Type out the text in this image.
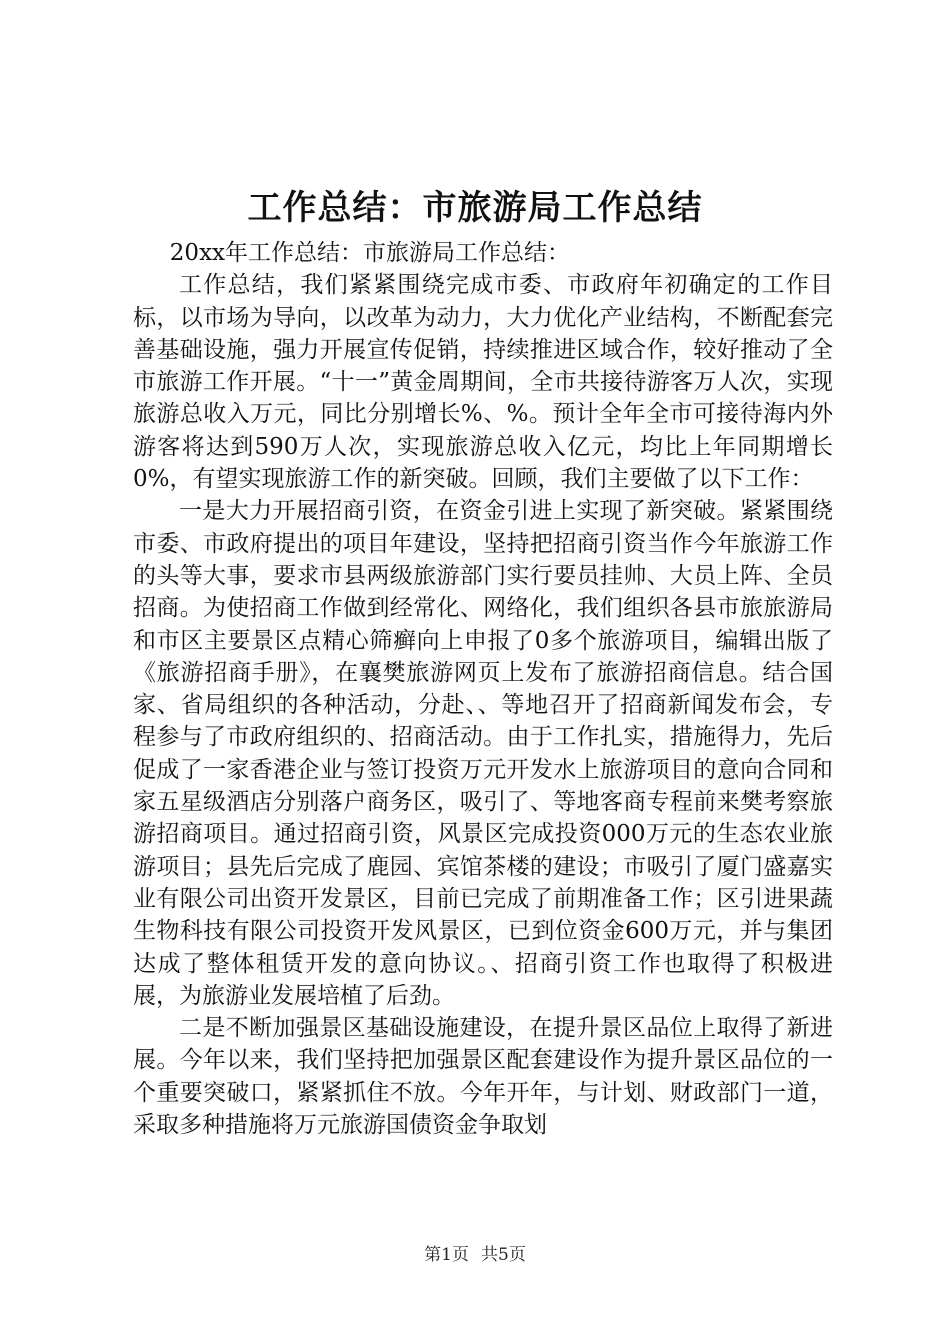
工作总结：市旅游局工作总结

20xx年工作总结：市旅游局工作总结：

工作总结，我们紧紧围绕完成市委、市政府年初确定的工作目标，以市场为导向，以改革为动力，大力优化产业结构，不断配套完善基础设施，强力开展宣传促销，持续推进区域合作，较好推动了全市旅游工作开展。“十一”黄金周期间，全市共接待游客万人次，实现旅游总收入万元，同比分别增长%、%。预计全年全市可接待海内外游客将达到590万人次，实现旅游总收入亿元，均比上年同期增长0%，有望实现旅游工作的新突破。回顾，我们主要做了以下工作：

一是大力开展招商引资，在资金引进上实现了新突破。紧紧围绕市委、市政府提出的项目年建设，坚持把招商引资当作今年旅游工作的头等大事，要求市县两级旅游部门实行要员挂帅、大员上阵、全员招商。为使招商工作做到经常化、网络化，我们组织各县市旅旅游局和市区主要景区点精心筛癣向上申报了0多个旅游项目，编辑出版了《旅游招商手册》，在襄樊旅游网页上发布了旅游招商信息。结合国家、省局组织的各种活动，分赴、、等地召开了招商新闻发布会，专程参与了市政府组织的、招商活动。由于工作扎实，措施得力，先后促成了一家香港企业与签订投资万元开发水上旅游项目的意向合同和家五星级酒店分别落户商务区，吸引了、等地客商专程前来樊考察旅游招商项目。通过招商引资，风景区完成投资000万元的生态农业旅游项目；县先后完成了鹿园、宾馆茶楼的建设；市吸引了厦门盛嘉实业有限公司出资开发景区，目前已完成了前期准备工作；区引进果蔬生物科技有限公司投资开发风景区，已到位资金600万元，并与集团达成了整体租赁开发的意向协议。、招商引资工作也取得了积极进展，为旅游业发展培植了后劲。

二是不断加强景区基础设施建设，在提升景区品位上取得了新进展。今年以来，我们坚持把加强景区配套建设作为提升景区品位的一个重要突破口，紧紧抓住不放。今年开年，与计划、财政部门一道，采取多种措施将万元旅游国债资金争取划

第1页 共5页
